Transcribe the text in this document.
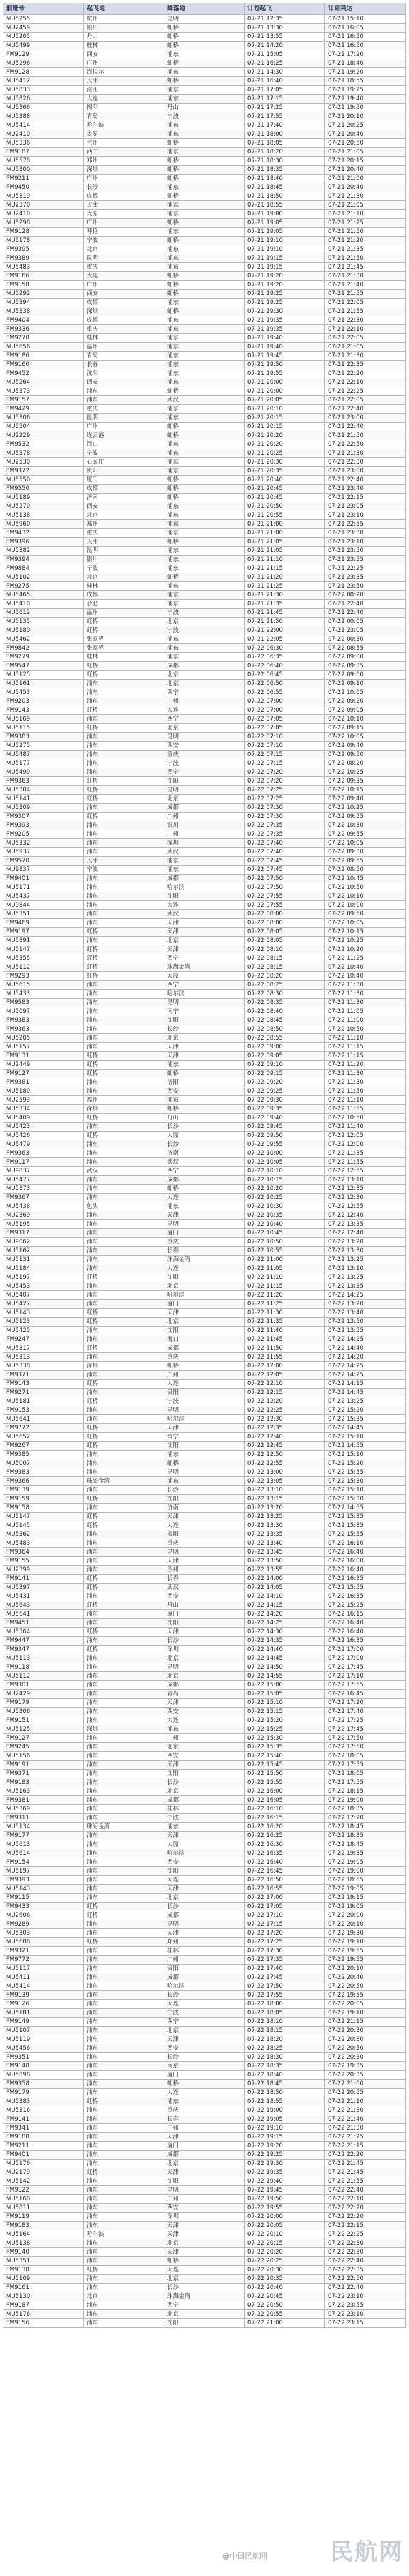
航班号	起飞地	降落地	计划起飞	计划到达
MU5255	杭州	昆明	07-21 12:35	07-21 15:10
MU2459	银川	虹桥	07-21 13:30	07-21 16:05
MU5205	丹山	虹桥	07-21 13:55	07-21 16:50
MU5499	桂林	虹桥	07-21 14:20	07-21 16:50
FM9129	西安	浦东	07-21 15:05	07-21 17:20
MU5296	广州	虹桥	07-21 16:25	07-21 18:40
FM9128	海拉尔	浦东	07-21 14:30	07-21 19:20
MU5412	天津	虹桥	07-21 16:40	07-21 18:55
MU5833	湛江	浦东	07-21 17:05	07-21 19:25
MU5826	大连	浦东	07-21 17:15	07-21 19:40
MU5366	揭阳	丹山	07-21 17:25	07-21 19:50
MU5388	青岛	宁波	07-21 17:55	07-21 20:10
MU5414	哈尔滨	浦东	07-21 17:40	07-21 20:25
MU2410	太原	浦东	07-21 18:00	07-21 20:40
MU5336	兰州	虹桥	07-21 18:05	07-21 20:50
FM9187	西宁	浦东	07-21 18:20	07-21 21:05
MU5578	郑州	虹桥	07-21 18:30	07-21 20:15
MU5300	深圳	虹桥	07-21 18:35	07-21 20:40
FM9211	广州	虹桥	07-21 18:40	07-21 21:00
FM9450	长沙	浦东	07-21 18:45	07-21 20:40
MU5319	成都	虹桥	07-21 18:50	07-21 21:30
MU2370	天津	浦东	07-21 18:55	07-21 21:05
MU2410	太原	浦东	07-21 19:00	07-21 21:10
MU5298	广州	虹桥	07-21 19:05	07-21 21:25
FM9128	呼伦	浦东	07-21 19:05	07-21 21:50
MU5178	宁波	虹桥	07-21 19:10	07-21 21:20
FM9395	北京	浦东	07-21 19:10	07-21 21:35
FM9389	昆明	浦东	07-21 19:15	07-21 21:50
MU5483	重庆	浦东	07-21 19:15	07-21 21:45
FM9166	大连	虹桥	07-21 19:20	07-21 21:30
FM9158	广州	虹桥	07-21 19:20	07-21 21:40
MU5292	西安	虹桥	07-21 19:25	07-21 21:55
MU5394	成都	浦东	07-21 19:25	07-21 22:05
MU5338	深圳	虹桥	07-21 19:30	07-21 21:55
FM9404	成都	浦东	07-21 19:35	07-21 22:30
FM9336	重庆	浦东	07-21 19:35	07-21 22:10
FM9278	桂林	浦东	07-21 19:40	07-21 22:05
MU5656	温州	浦东	07-21 19:40	07-21 21:05
FM9186	青岛	浦东	07-21 19:45	07-21 21:30
FM9160	长春	浦东	07-21 19:50	07-21 22:35
FM9452	沈阳	浦东	07-21 19:55	07-21 22:20
MU5264	西安	浦东	07-21 20:00	07-21 22:10
MU5373	浦东	虹桥	07-21 20:00	07-21 22:25
FM9157	浦东	武汉	07-21 20:05	07-21 22:05
FM9429	重庆	浦东	07-21 20:10	07-21 22:40
MU5306	昆明	浦东	07-21 20:15	07-21 23:00
MU5504	广州	虹桥	07-21 20:15	07-21 22:40
MU2229	连云港	虹桥	07-21 20:20	07-21 21:50
FM9532	海口	浦东	07-21 20:20	07-21 22:50
MU5378	宁波	浦东	07-21 20:25	07-21 21:30
MU2530	石家庄	浦东	07-21 20:30	07-21 22:30
FM9372	贵阳	浦东	07-21 20:35	07-21 23:00
MU5550	厦门	虹桥	07-21 20:40	07-21 22:40
FM9550	成都	虹桥	07-21 20:45	07-21 23:40
MU5189	济南	虹桥	07-21 20:45	07-21 22:15
MU5270	西安	浦东	07-21 20:50	07-21 23:05
MU5138	北京	浦东	07-21 20:55	07-21 23:10
MU5960	郑州	浦东	07-21 21:00	07-21 22:55
FM9432	重庆	浦东	07-21 21:00	07-21 23:30
FM9396	天津	虹桥	07-21 21:05	07-21 23:10
MU5382	昆明	浦东	07-21 21:05	07-21 23:50
FM9394	银川	浦东	07-21 21:10	07-21 23:55
FM9884	宁波	浦东	07-21 21:15	07-21 22:25
MU5102	北京	虹桥	07-21 21:20	07-21 23:35
FM9275	桂林	浦东	07-21 21:25	07-21 23:50
MU5465	成都	浦东	07-21 21:30	07-22 00:20
MU5410	合肥	浦东	07-21 21:35	07-21 22:40
MU5612	温州	宁波	07-21 21:45	07-21 22:40
MU5135	虹桥	北京	07-21 21:50	07-22 00:05
MU5180	虹桥	宁波	07-21 22:00	07-21 23:05
MU5462	张家界	浦东	07-21 22:05	07-22 00:30
FM9842	张家界	浦东	07-22 06:30	07-22 08:55
FM9279	桂林	浦东	07-22 06:35	07-22 09:00
FM9547	虹桥	成都	07-22 06:40	07-22 09:35
MU5125	虹桥	北京	07-22 06:45	07-22 09:00
MU5161	浦东	北京	07-22 06:50	07-22 09:10
MU5453	浦东	西宁	07-22 06:55	07-22 10:05
FM9203	浦东	广州	07-22 07:00	07-22 09:20
FM9143	虹桥	大连	07-22 07:00	07-22 09:05
MU5169	浦东	西宁	07-22 07:05	07-22 10:10
MU5115	虹桥	北京	07-22 07:05	07-22 09:15
FM9383	浦东	昆明	07-22 07:10	07-22 10:05
MU5275	浦东	西安	07-22 07:10	07-22 09:40
MU5487	浦东	重庆	07-22 07:15	07-22 09:50
MU5177	浦东	宁波	07-22 07:15	07-22 08:20
MU5499	浦东	西宁	07-22 07:20	07-22 10:25
FM9363	虹桥	沈阳	07-22 07:20	07-22 09:35
MU5304	虹桥	昆明	07-22 07:25	07-22 10:15
MU5141	虹桥	北京	07-22 07:25	07-22 09:40
MU5309	浦东	成都	07-22 07:30	07-22 10:25
FM9307	虹桥	广州	07-22 07:30	07-22 09:55
FM9393	浦东	银川	07-22 07:35	07-22 10:30
FM9205	浦东	广州	07-22 07:35	07-22 09:55
MU5332	浦东	深圳	07-22 07:40	07-22 10:05
MU5937	浦东	武汉	07-22 07:40	07-22 09:30
FM9570	天津	浦东	07-22 07:45	07-22 09:55
MU9837	宁波	浦东	07-22 07:45	07-22 08:50
FM9401	浦东	成都	07-22 07:50	07-22 10:45
MU5171	浦东	哈尔滨	07-22 07:50	07-22 10:50
MU5437	浦东	沈阳	07-22 07:55	07-22 10:10
MU9844	浦东	大连	07-22 07:55	07-22 10:00
MU5351	浦东	武汉	07-22 08:00	07-22 09:50
FM9469	浦东	天津	07-22 08:00	07-22 10:05
FM9197	虹桥	天津	07-22 08:05	07-22 10:15
MU5891	浦东	北京	07-22 08:05	07-22 10:25
MU5147	虹桥	天津	07-22 08:10	07-22 10:20
MU5355	虹桥	西宁	07-22 08:15	07-22 11:25
MU5112	虹桥	珠海金湾	07-22 08:15	07-22 10:40
FM9293	虹桥	太原	07-22 08:20	07-22 10:40
MU5615	浦东	西宁	07-22 08:25	07-22 11:30
MU5433	浦东	哈尔滨	07-22 08:30	07-22 11:30
FM9583	浦东	昆明	07-22 08:35	07-22 11:30
MU5097	浦东	南宁	07-22 08:40	07-22 11:05
FM9383	浦东	沈阳	07-22 08:45	07-22 11:00
FM9363	浦东	长沙	07-22 08:50	07-22 10:50
MU5205	浦东	北京	07-22 08:55	07-22 11:10
MU5157	浦东	天津	07-22 09:00	07-22 11:15
FM9131	虹桥	天津	07-22 09:05	07-22 11:15
MU2449	虹桥	浦东	07-22 09:10	07-22 11:20
FM9127	虹桥	虹桥	07-22 09:15	07-22 11:30
FM9381	浦东	洛阳	07-22 09:20	07-22 11:30
MU5189	浦东	西安	07-22 09:25	07-22 11:50
MU2593	福州	浦东	07-22 09:30	07-22 11:10
MU5334	深圳	虹桥	07-22 09:35	07-22 11:55
MU5409	虹桥	丹山	07-22 09:40	07-22 10:50
MU5423	浦东	长沙	07-22 09:45	07-22 11:40
MU5426	虹桥	太原	07-22 09:50	07-22 12:05
MU5479	浦东	长沙	07-22 09:55	07-22 12:00
FM9363	浦东	济南	07-22 10:00	07-22 11:35
FM9117	浦东	武汉	07-22 10:05	07-22 11:55
MU9837	武汉	西宁	07-22 10:10	07-22 12:55
MU5477	浦东	成都	07-22 10:15	07-22 13:10
MU5373	浦东	虹桥	07-22 10:20	07-22 12:35
FM9367	浦东	大连	07-22 10:25	07-22 12:30
MU5438	包头	浦东	07-22 10:30	07-22 12:55
MU2369	浦东	天津	07-22 10:35	07-22 12:40
MU5195	浦东	昆明	07-22 10:40	07-22 13:35
FM9317	浦东	厦门	07-22 10:45	07-22 12:40
MU9062	浦东	重庆	07-22 10:50	07-22 13:20
MU5162	浦东	长春	07-22 10:55	07-22 13:30
MU5131	浦东	珠海金湾	07-22 11:00	07-22 13:25
MU5184	浦东	大连	07-22 11:05	07-22 13:10
MU5197	虹桥	沈阳	07-22 11:10	07-22 13:25
MU5453	浦东	北京	07-22 11:15	07-22 13:35
MU5407	浦东	哈尔滨	07-22 11:20	07-22 14:25
MU5427	浦东	厦门	07-22 11:25	07-22 13:20
MU5143	虹桥	天津	07-22 11:30	07-22 13:40
MU5123	虹桥	北京	07-22 11:35	07-22 13:50
MU5425	浦东	沈阳	07-22 11:40	07-22 13:55
FM9247	浦东	海口	07-22 11:45	07-22 14:25
MU5317	虹桥	成都	07-22 11:50	07-22 14:40
MU5313	浦东	重庆	07-22 11:55	07-22 14:20
MU5338	深圳	虹桥	07-22 12:00	07-22 14:25
FM9371	浦东	广州	07-22 12:05	07-22 14:25
FM9143	虹桥	大连	07-22 12:10	07-22 14:15
FM9271	浦东	贵阳	07-22 12:15	07-22 14:45
MU5181	虹桥	宁波	07-22 12:20	07-22 13:25
FM9153	浦东	昆明	07-22 12:25	07-22 15:20
MU5641	浦东	哈尔滨	07-22 12:30	07-22 15:35
FM9772	虹桥	天津	07-22 12:35	07-22 14:45
MU5652	虹桥	常宁	07-22 12:40	07-22 15:10
FM9267	虹桥	沈阳	07-22 12:45	07-22 14:55
FM9385	浦东	浦东	07-22 12:50	07-22 15:10
MU5007	浦东	虹桥	07-22 12:55	07-22 15:20
FM9383	浦东	昆明	07-22 13:00	07-22 15:55
FM9366	珠海金湾	浦东	07-22 13:05	07-22 15:30
FM9139	浦东	长沙	07-22 13:10	07-22 15:10
FM9159	虹桥	沈阳	07-22 13:15	07-22 15:30
FM9158	浦东	济南	07-22 13:20	07-22 14:55
MU5147	虹桥	天津	07-22 13:25	07-22 15:35
MU5145	虹桥	大连	07-22 13:30	07-22 15:35
MU5362	浦东	揭阳	07-22 13:35	07-22 15:55
MU5483	浦东	重庆	07-22 13:40	07-22 16:10
FM9364	浦东	昆明	07-22 13:45	07-22 16:40
FM9155	浦东	天津	07-22 13:50	07-22 16:00
MU2399	浦东	兰州	07-22 13:55	07-22 16:40
FM9141	虹桥	长春	07-22 14:00	07-22 16:35
MU5397	虹桥	武汉	07-22 14:05	07-22 15:55
MU5431	浦东	西安	07-22 14:10	07-22 16:35
MU5643	虹桥	丹山	07-22 14:15	07-22 15:25
MU5641	浦东	厦门	07-22 14:20	07-22 16:15
FM9451	浦东	沈阳	07-22 14:25	07-22 16:40
MU5364	虹桥	天津	07-22 14:30	07-22 16:40
FM9447	浦东	长沙	07-22 14:35	07-22 16:35
FM9347	虹桥	深圳	07-22 14:40	07-22 17:00
MU5113	浦东	北京	07-22 14:45	07-22 17:00
FM9118	浦东	昆明	07-22 14:50	07-22 17:45
MU5112	浦东	北京	07-22 14:55	07-22 17:10
FM9301	浦东	成都	07-22 15:00	07-22 17:55
MU2429	浦东	青岛	07-22 15:05	07-22 16:45
FM9179	浦东	天津	07-22 15:10	07-22 17:20
MU5306	浦东	西安	07-22 15:15	07-22 17:40
FM9151	浦东	大连	07-22 15:20	07-22 17:25
MU5125	深圳	浦东	07-22 15:25	07-22 17:45
FM9127	浦东	广州	07-22 15:30	07-22 17:50
FM9245	浦东	北京	07-22 15:35	07-22 17:50
MU5156	浦东	西安	07-22 15:40	07-22 18:05
FM9191	浦东	天津	07-22 15:45	07-22 17:55
FM9371	浦东	沈阳	07-22 15:50	07-22 18:05
FM9183	浦东	长沙	07-22 15:55	07-22 17:55
MU5163	浦东	北京	07-22 16:00	07-22 18:15
FM9381	浦东	成都	07-22 16:05	07-22 19:00
MU5369	浦东	桂林	07-22 16:10	07-22 18:35
FM9311	浦东	宁波	07-22 16:15	07-22 17:20
MU5134	珠海金湾	浦东	07-22 16:20	07-22 18:45
FM9177	浦东	天津	07-22 16:25	07-22 18:35
MU5613	浦东	太原	07-22 16:30	07-22 18:45
MU5614	浦东	哈尔滨	07-22 16:35	07-22 19:35
FM9154	浦东	西安	07-22 16:40	07-22 19:05
MU5197	浦东	沈阳	07-22 16:45	07-22 19:00
FM9393	浦东	大连	07-22 16:50	07-22 18:55
MU5143	浦东	天津	07-22 16:55	07-22 19:05
FM9115	浦东	北京	07-22 17:00	07-22 19:15
FM9433	虹桥	长沙	07-22 17:05	07-22 19:05
MU2606	虹桥	成都	07-22 17:10	07-22 20:00
FM9289	浦东	昆明	07-22 17:15	07-22 20:10
MU5303	浦东	天津	07-22 17:20	07-22 19:30
MU5608	虹桥	郑州	07-22 17:25	07-22 19:10
FM9321	浦东	桂林	07-22 17:30	07-22 19:55
FM9772	浦东	广州	07-22 17:35	07-22 19:55
MU5117	浦东	贵阳	07-22 17:40	07-22 20:10
MU5411	浦东	成都	07-22 17:45	07-22 20:40
MU5414	浦东	哈尔滨	07-22 17:50	07-22 20:50
FM9139	浦东	长沙	07-22 17:55	07-22 19:55
FM9126	浦东	大连	07-22 18:00	07-22 20:05
MU5181	浦东	宁波	07-22 18:05	07-22 19:10
FM9149	浦东	西宁	07-22 18:10	07-22 21:15
MU5107	浦东	北京	07-22 18:15	07-22 20:30
MU5119	浦东	天津	07-22 18:20	07-22 20:30
MU5456	浦东	西安	07-22 18:25	07-22 20:50
FM9351	浦东	长沙	07-22 18:30	07-22 20:30
FM9148	浦东	南京	07-22 18:35	07-22 19:35
MU5098	浦东	厦门	07-22 18:40	07-22 20:35
FM9358	浦东	虹桥	07-22 18:45	07-22 21:00
FM9179	浦东	大连	07-22 18:50	07-22 20:55
MU5383	虹桥	浦东	07-22 18:55	07-22 21:10
MU5316	浦东	重庆	07-22 19:00	07-22 21:30
FM9141	浦东	长春	07-22 19:05	07-22 21:40
FM9341	浦东	广州	07-22 19:10	07-22 21:30
FM9188	浦东	天津	07-22 19:15	07-22 21:25
FM9211	浦东	厦门	07-22 19:20	07-22 21:15
FM9401	浦东	成都	07-22 19:25	07-22 22:20
MU5176	浦东	北京	07-22 19:30	07-22 21:45
MU2179	虹桥	天津	07-22 19:35	07-22 21:45
MU5142	浦东	沈阳	07-22 19:40	07-22 21:55
FM9122	浦东	昆明	07-22 19:45	07-22 22:40
MU5168	浦东	广州	07-22 19:50	07-22 22:10
MU5811	浦东	西安	07-22 19:55	07-22 22:20
FM9119	浦东	深圳	07-22 20:00	07-22 22:20
FM9183	浦东	天津	07-22 20:05	07-22 22:15
MU5164	哈尔滨	天津	07-22 20:10	07-22 22:25
MU5138	浦东	北京	07-22 20:15	07-22 22:30
FM9140	浦东	天津	07-22 20:20	07-22 22:30
MU5351	浦东	虹桥	07-22 20:25	07-22 22:40
FM9138	虹桥	大连	07-22 20:30	07-22 22:35
MU5109	浦东	北京	07-22 20:35	07-22 22:50
FM9161	浦东	长沙	07-22 20:40	07-22 22:40
MU5130	北京	珠海金湾	07-22 20:45	07-22 23:10
FM9187	浦东	西宁	07-22 20:50	07-22 23:55
MU5176	浦东	北京	07-22 20:55	07-22 23:10
FM9156	浦东	沈阳	07-22 21:00	07-22 23:15
@中国民航网	民航网
